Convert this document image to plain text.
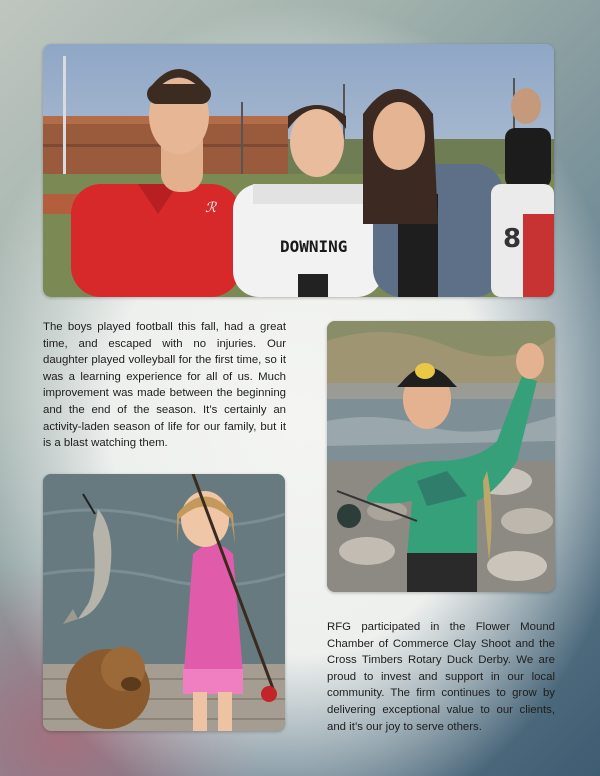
8
DOWNING
ℛ

The boys played football this fall, had a great time, and escaped with no injuries. Our daughter played volleyball for the first time, so it was a learning experience for all of us. Much improvement was made between the beginning and the end of the season. It’s certainly an activity-laden season of life for our family, but it is a blast watching them.

RFG participated in the Flower Mound Chamber of Commerce Clay Shoot and the Cross Timbers Rotary Duck Derby. We are proud to invest and support in our local community. The firm continues to grow by delivering exceptional value to our clients, and it’s our joy to serve others.
